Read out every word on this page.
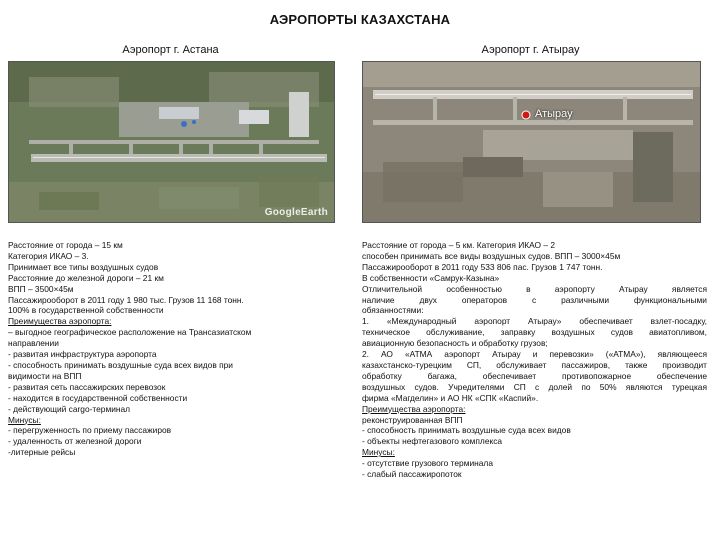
АЭРОПОРТЫ КАЗАХСТАНА
Аэропорт г. Астана	Аэропорт г. Атырау
GoogleEarth
Атырау

Расстояние от города – 15 км

Категория ИКАО – 3.

Принимает все типы воздушных судов

Расстояние до железной дороги – 21 км

ВПП – 3500×45м

Пассажирооборот в 2011 году 1 980 тыс. Грузов 11 168 тонн.

100% в государственной собственности

Преимущества аэропорта:

– выгодное географическое расположение на Трансазиатском

направлении

- развитая инфраструктура аэропорта

- способность принимать воздушные суда всех видов при

видимости на ВПП

- развитая сеть пассажирских перевозок

- находится в государственной собственности

- действующий cargo-терминал

Минусы:

- перегруженность по приему пассажиров

- удаленность от железной дороги

-литерные рейсы

Расстояние от города – 5 км. Категория ИКАО – 2

способен принимать все виды воздушных судов. ВПП – 3000×45м

Пассажирооборот в 2011 году 533 806 пас. Грузов 1 747 тонн.

В собственности «Самрук-Казына»

Отличительной особенностью в аэропорту Атырау является

наличие двух операторов с различными функциональными

обязанностями:

1. «Международный аэропорт Атырау» обеспечивает взлет-посадку,

техническое обслуживание, заправку воздушных судов авиатопливом,

авиационную безопасность и обработку грузов;

2. АО «АТМА аэропорт Атырау и перевозки» («АТМА»), являющееся

казахстанско-турецким СП, обслуживает пассажиров, также производит

обработку багажа, обеспечивает противопожарное обеспечение

воздушных судов. Учредителями СП с долей по 50% являются турецкая

фирма «Магделин» и АО НК «СПК «Каспий».

Преимущества аэропорта:

реконструированная ВПП

- способность принимать воздушные суда всех видов

- объекты нефтегазового комплекса

Минусы:

- отсутствие грузового терминала

- слабый пассажиропоток
